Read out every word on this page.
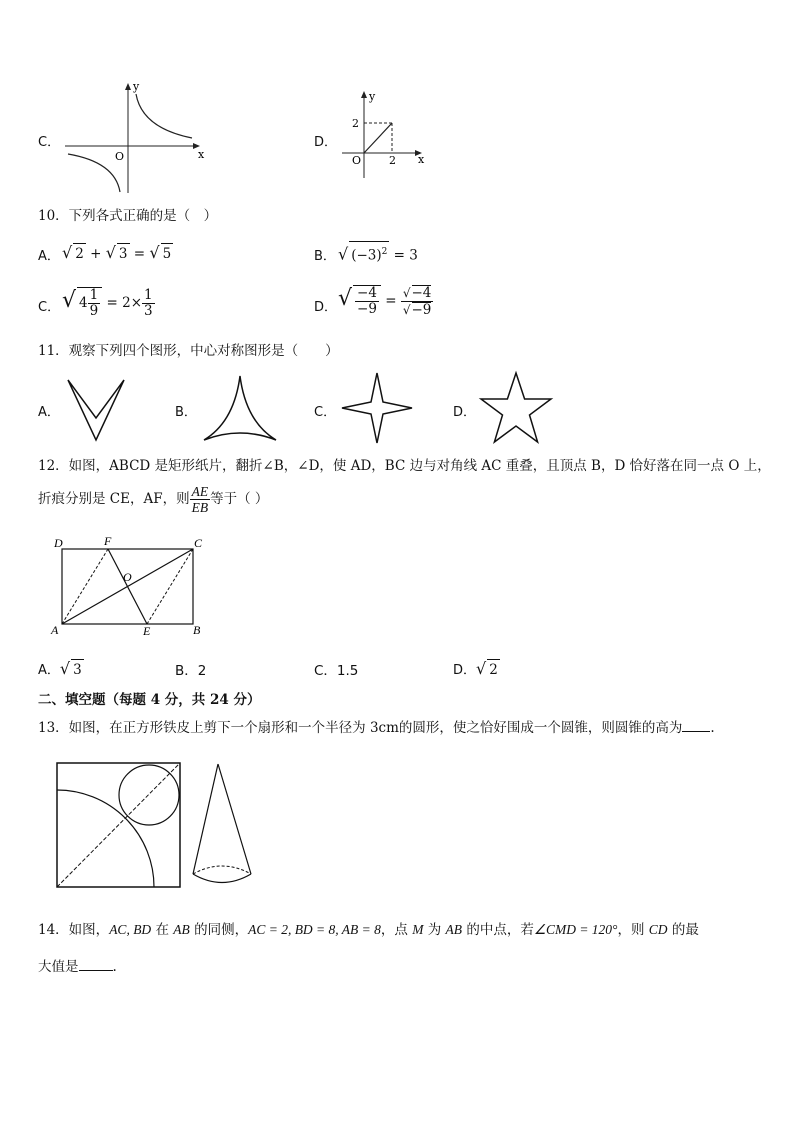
C．
y
x
O
D．
y
x
O
2
2
10．下列各式正确的是（　）
A． √ 2 + √ 3 = √ 5	B． √ $(-3)^2 = 3$
C． √ $4 \frac{1}{9} = 2\times \frac{1}{3}$	D． √ $\frac{-4}{-9} = \frac{√-4}{√-9}$
11．观察下列四个图形，中心对称图形是（　　）
A．	B．	C．	D．
12．如图，ABCD 是矩形纸片，翻折∠B，∠D，使 AD，BC 边与对角线 AC 重叠，且顶点 B，D 恰好落在同一点 O 上，
折痕分别是 CE，AF，则 $\frac{AE}{EB}$ 等于（ ）
D	F	C
O
A	E	B
A．√ 3	B．2	C．1.5	D．√ 2
二、填空题（每题 4 分，共 24 分）
13．如图，在正方形铁皮上剪下一个扇形和一个半径为 3cm的圆形，使之恰好围成一个圆锥，则圆锥的高为 .
14．如图，AC, BD 在 AB 的同侧，AC = 2, BD = 8, AB = 8，点 M 为 AB 的中点，若∠CMD = 120°，则 CD 的最
大值是	.
